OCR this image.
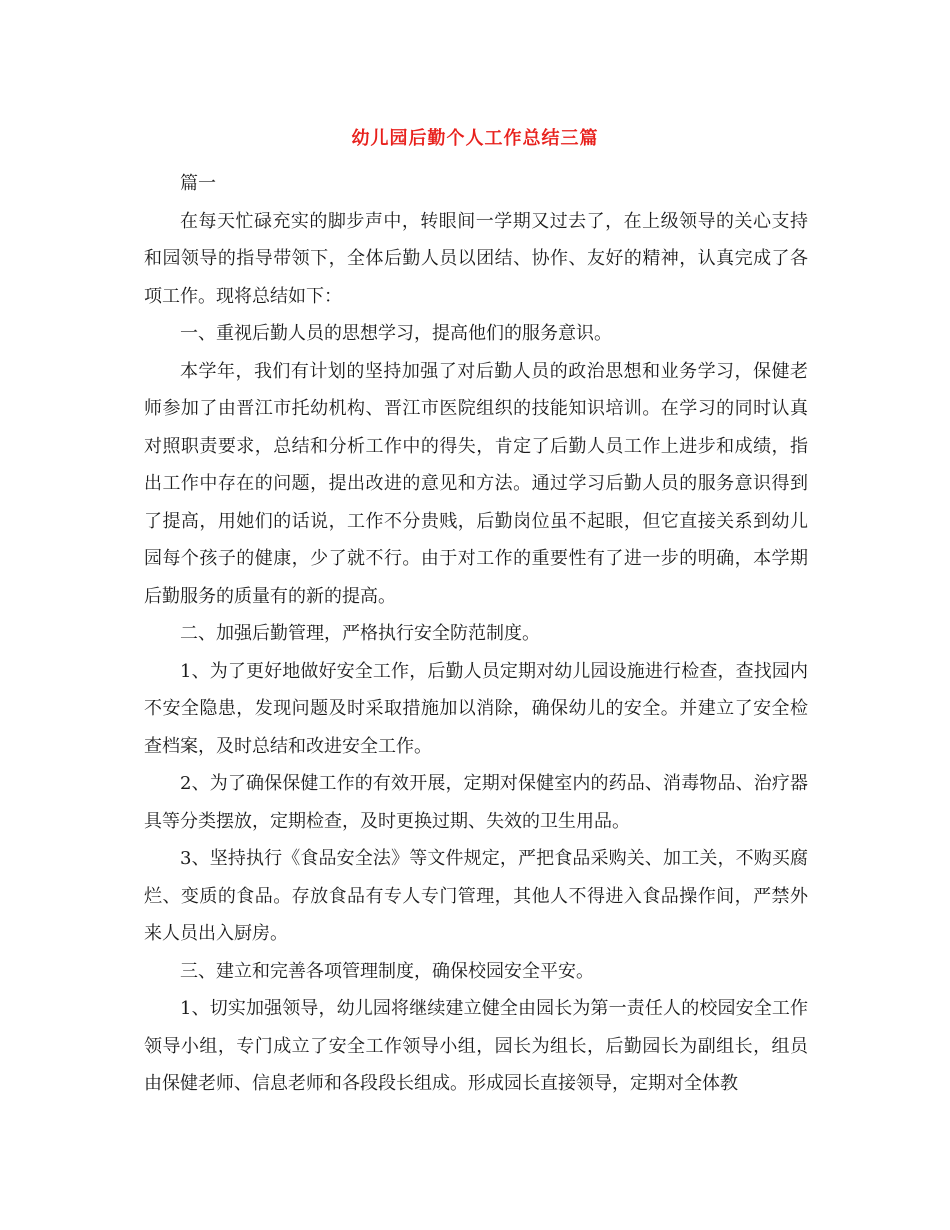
幼儿园后勤个人工作总结三篇

篇一

在每天忙碌充实的脚步声中，转眼间一学期又过去了，在上级领导的关心支持和园领导的指导带领下，全体后勤人员以团结、协作、友好的精神，认真完成了各项工作。现将总结如下：

一、重视后勤人员的思想学习，提高他们的服务意识。

本学年，我们有计划的坚持加强了对后勤人员的政治思想和业务学习，保健老师参加了由晋江市托幼机构、晋江市医院组织的技能知识培训。在学习的同时认真对照职责要求，总结和分析工作中的得失，肯定了后勤人员工作上进步和成绩，指出工作中存在的问题，提出改进的意见和方法。通过学习后勤人员的服务意识得到了提高，用她们的话说，工作不分贵贱，后勤岗位虽不起眼，但它直接关系到幼儿园每个孩子的健康，少了就不行。由于对工作的重要性有了进一步的明确，本学期后勤服务的质量有的新的提高。

二、加强后勤管理，严格执行安全防范制度。

1、为了更好地做好安全工作，后勤人员定期对幼儿园设施进行检查，查找园内不安全隐患，发现问题及时采取措施加以消除，确保幼儿的安全。并建立了安全检查档案，及时总结和改进安全工作。

2、为了确保保健工作的有效开展，定期对保健室内的药品、消毒物品、治疗器具等分类摆放，定期检查，及时更换过期、失效的卫生用品。

3、坚持执行《食品安全法》等文件规定，严把食品采购关、加工关，不购买腐烂、变质的食品。存放食品有专人专门管理，其他人不得进入食品操作间，严禁外来人员出入厨房。

三、建立和完善各项管理制度，确保校园安全平安。

1、切实加强领导，幼儿园将继续建立健全由园长为第一责任人的校园安全工作领导小组，专门成立了安全工作领导小组，园长为组长，后勤园长为副组长，组员由保健老师、信息老师和各段段长组成。形成园长直接领导，定期对全体教
